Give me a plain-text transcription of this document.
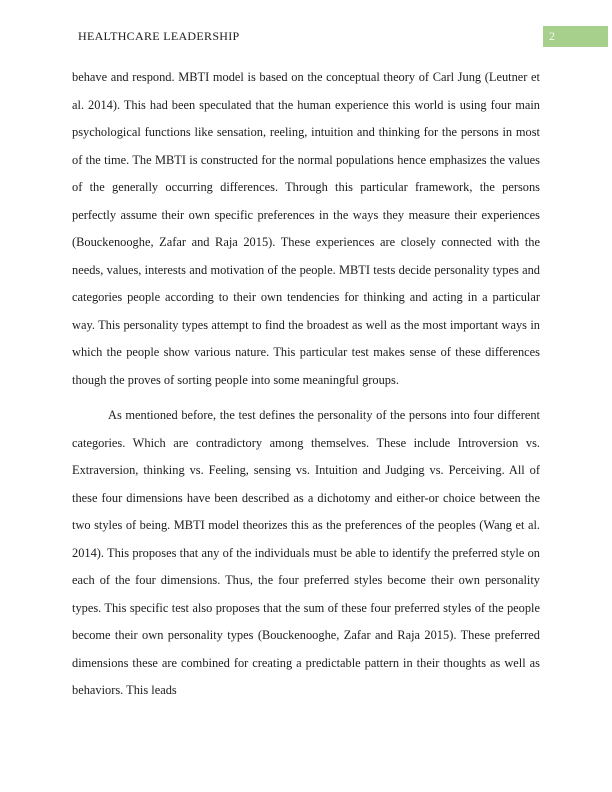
HEALTHCARE LEADERSHIP	2

behave and respond. MBTI model is based on the conceptual theory of Carl Jung (Leutner et al. 2014). This had been speculated that the human experience this world is using four main psychological functions like sensation, reeling, intuition and thinking for the persons in most of the time. The MBTI is constructed for the normal populations hence emphasizes the values of the generally occurring differences. Through this particular framework, the persons perfectly assume their own specific preferences in the ways they measure their experiences (Bouckenooghe, Zafar and Raja 2015). These experiences are closely connected with the needs, values, interests and motivation of the people. MBTI tests decide personality types and categories people according to their own tendencies for thinking and acting in a particular way. This personality types attempt to find the broadest as well as the most important ways in which the people show various nature. This particular test makes sense of these differences though the proves of sorting people into some meaningful groups.

As mentioned before, the test defines the personality of the persons into four different categories. Which are contradictory among themselves. These include Introversion vs. Extraversion, thinking vs. Feeling, sensing vs. Intuition and Judging vs. Perceiving. All of these four dimensions have been described as a dichotomy and either-or choice between the two styles of being. MBTI model theorizes this as the preferences of the peoples (Wang et al. 2014). This proposes that any of the individuals must be able to identify the preferred style on each of the four dimensions. Thus, the four preferred styles become their own personality types. This specific test also proposes that the sum of these four preferred styles of the people become their own personality types (Bouckenooghe, Zafar and Raja 2015). These preferred dimensions these are combined for creating a predictable pattern in their thoughts as well as behaviors. This leads
